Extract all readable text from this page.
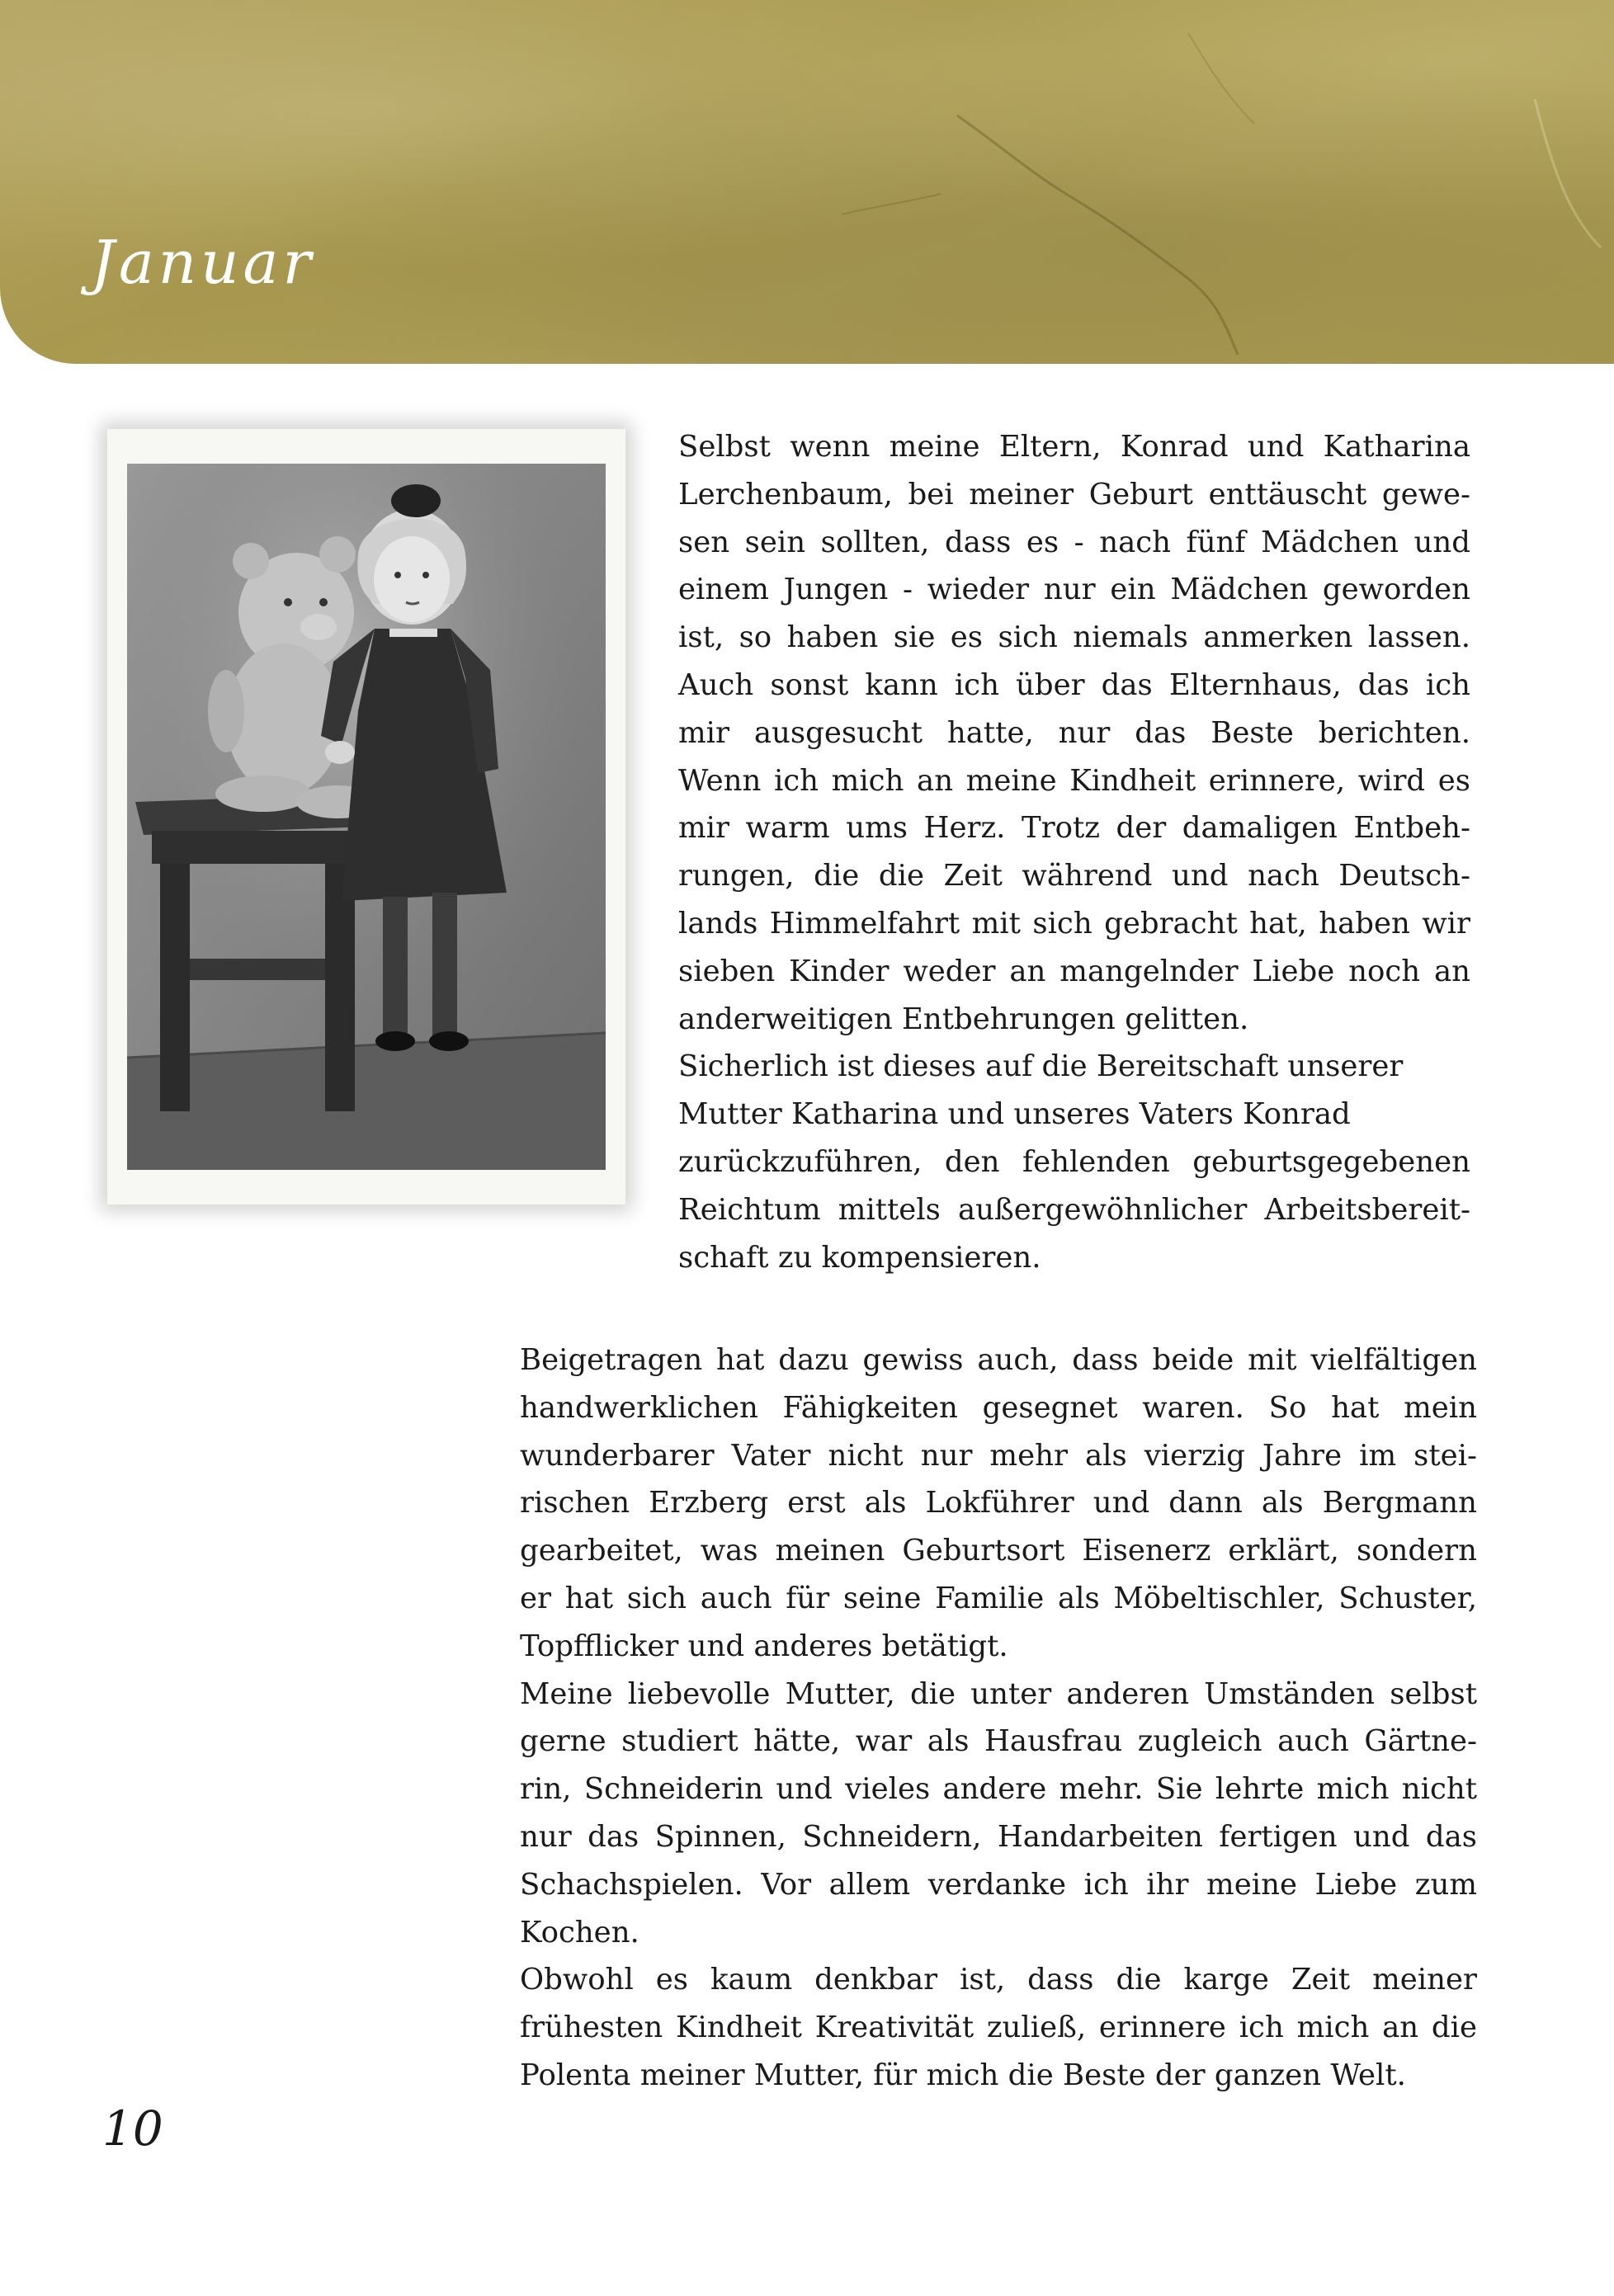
Januar
Selbst wenn meine Eltern, Konrad und Katharina
Lerchenbaum, bei meiner Geburt enttäuscht gewe-
sen sein sollten, dass es - nach fünf Mädchen und
einem Jungen - wieder nur ein Mädchen geworden
ist, so haben sie es sich niemals anmerken lassen.
Auch sonst kann ich über das Elternhaus, das ich
mir ausgesucht hatte, nur das Beste berichten.
Wenn ich mich an meine Kindheit erinnere, wird es
mir warm ums Herz. Trotz der damaligen Entbeh-
rungen, die die Zeit während und nach Deutsch-
lands Himmelfahrt mit sich gebracht hat, haben wir
sieben Kinder weder an mangelnder Liebe noch an
anderweitigen Entbehrungen gelitten.
Sicherlich ist dieses auf die Bereitschaft unserer
Mutter Katharina und unseres Vaters Konrad
zurückzuführen, den fehlenden geburtsgegebenen
Reichtum mittels außergewöhnlicher Arbeitsbereit-
schaft zu kompensieren.
Beigetragen hat dazu gewiss auch, dass beide mit vielfältigen
handwerklichen Fähigkeiten gesegnet waren. So hat mein
wunderbarer Vater nicht nur mehr als vierzig Jahre im stei-
rischen Erzberg erst als Lokführer und dann als Bergmann
gearbeitet, was meinen Geburtsort Eisenerz erklärt, sondern
er hat sich auch für seine Familie als Möbeltischler, Schuster,
Topfflicker und anderes betätigt.
Meine liebevolle Mutter, die unter anderen Umständen selbst
gerne studiert hätte, war als Hausfrau zugleich auch Gärtne-
rin, Schneiderin und vieles andere mehr. Sie lehrte mich nicht
nur das Spinnen, Schneidern, Handarbeiten fertigen und das
Schachspielen. Vor allem verdanke ich ihr meine Liebe zum
Kochen.
Obwohl es kaum denkbar ist, dass die karge Zeit meiner
frühesten Kindheit Kreativität zuließ, erinnere ich mich an die
Polenta meiner Mutter, für mich die Beste der ganzen Welt.
10
